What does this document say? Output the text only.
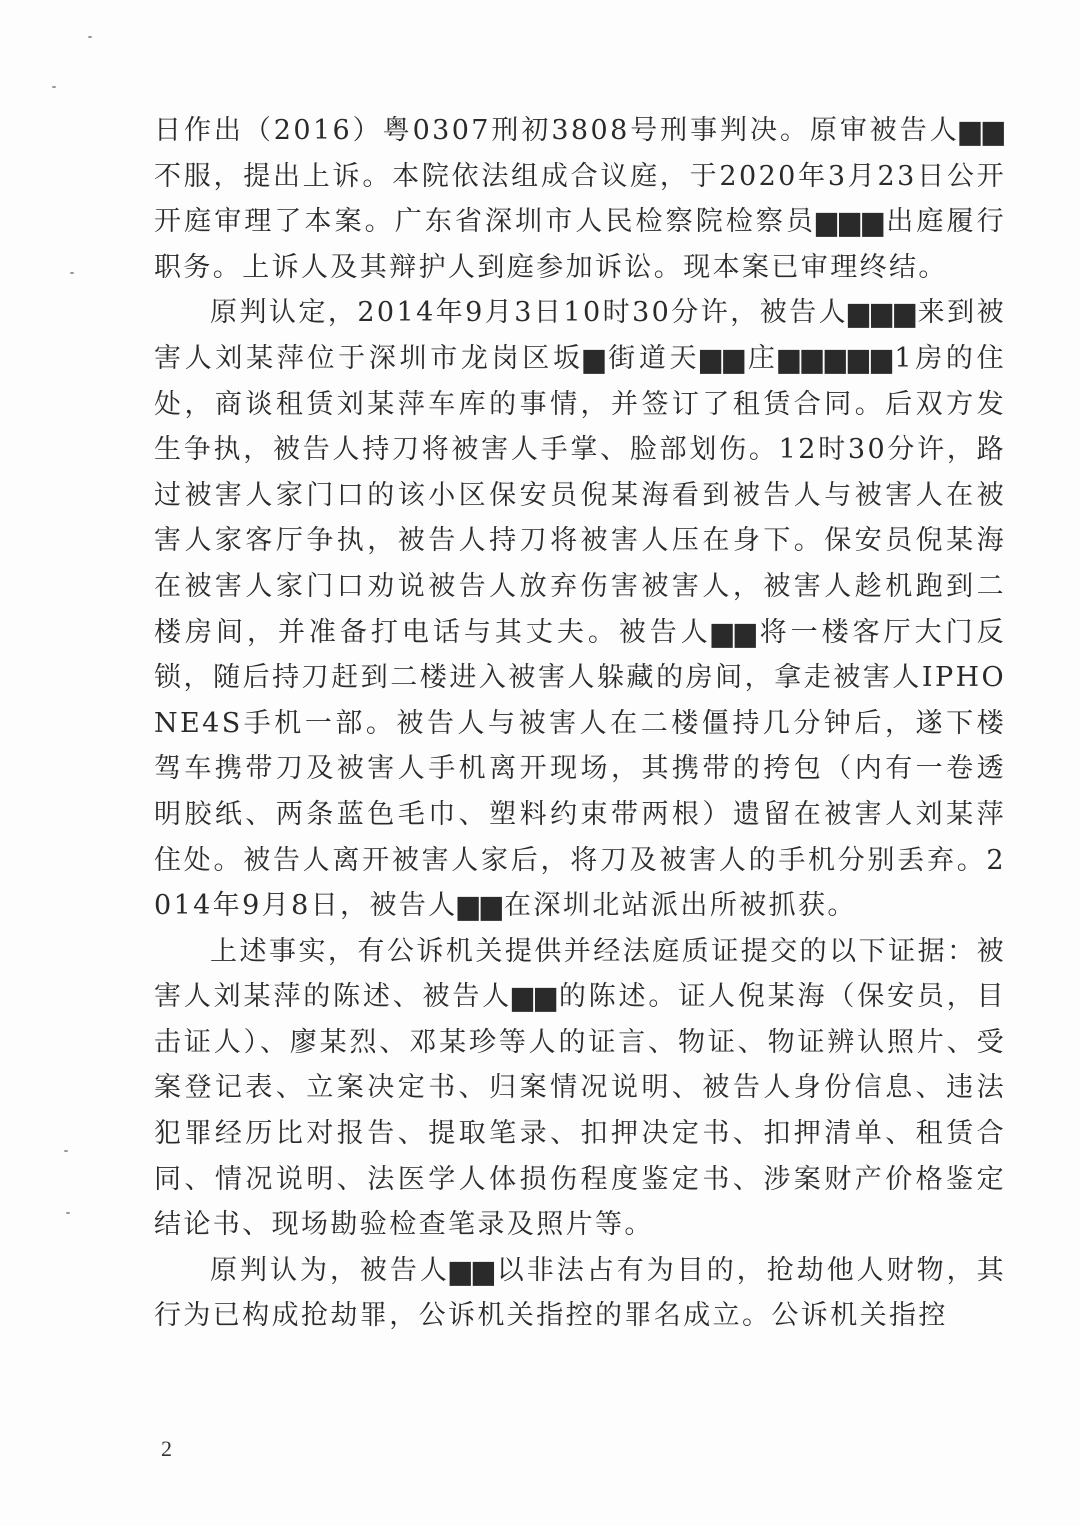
日作出（2016）粤0307刑初3808号刑事判决。原审被告人▆▆不服，提出上诉。本院依法组成合议庭，于2020年3月23日公开开庭审理了本案。广东省深圳市人民检察院检察员▆▆▆出庭履行职务。上诉人及其辩护人到庭参加诉讼。现本案已审理终结。

原判认定，2014年9月3日10时30分许，被告人▆▆▆来到被害人刘某萍位于深圳市龙岗区坂▆街道天▆▆庄▆▆▆▆▆1房的住处，商谈租赁刘某萍车库的事情，并签订了租赁合同。后双方发生争执，被告人持刀将被害人手掌、脸部划伤。12时30分许，路过被害人家门口的该小区保安员倪某海看到被告人与被害人在被害人家客厅争执，被告人持刀将被害人压在身下。保安员倪某海在被害人家门口劝说被告人放弃伤害被害人，被害人趁机跑到二楼房间，并准备打电话与其丈夫。被告人▆▆将一楼客厅大门反锁，随后持刀赶到二楼进入被害人躲藏的房间，拿走被害人IPHONE4S手机一部。被告人与被害人在二楼僵持几分钟后，遂下楼驾车携带刀及被害人手机离开现场，其携带的挎包（内有一卷透明胶纸、两条蓝色毛巾、塑料约束带两根）遗留在被害人刘某萍住处。被告人离开被害人家后，将刀及被害人的手机分别丢弃。2014年9月8日，被告人▆▆在深圳北站派出所被抓获。

上述事实，有公诉机关提供并经法庭质证提交的以下证据：被害人刘某萍的陈述、被告人▆▆的陈述。证人倪某海（保安员，目击证人）、廖某烈、邓某珍等人的证言、物证、物证辨认照片、受案登记表、立案决定书、归案情况说明、被告人身份信息、违法犯罪经历比对报告、提取笔录、扣押决定书、扣押清单、租赁合同、情况说明、法医学人体损伤程度鉴定书、涉案财产价格鉴定结论书、现场勘验检查笔录及照片等。

原判认为，被告人▆▆以非法占有为目的，抢劫他人财物，其行为已构成抢劫罪，公诉机关指控的罪名成立。公诉机关指控

2
